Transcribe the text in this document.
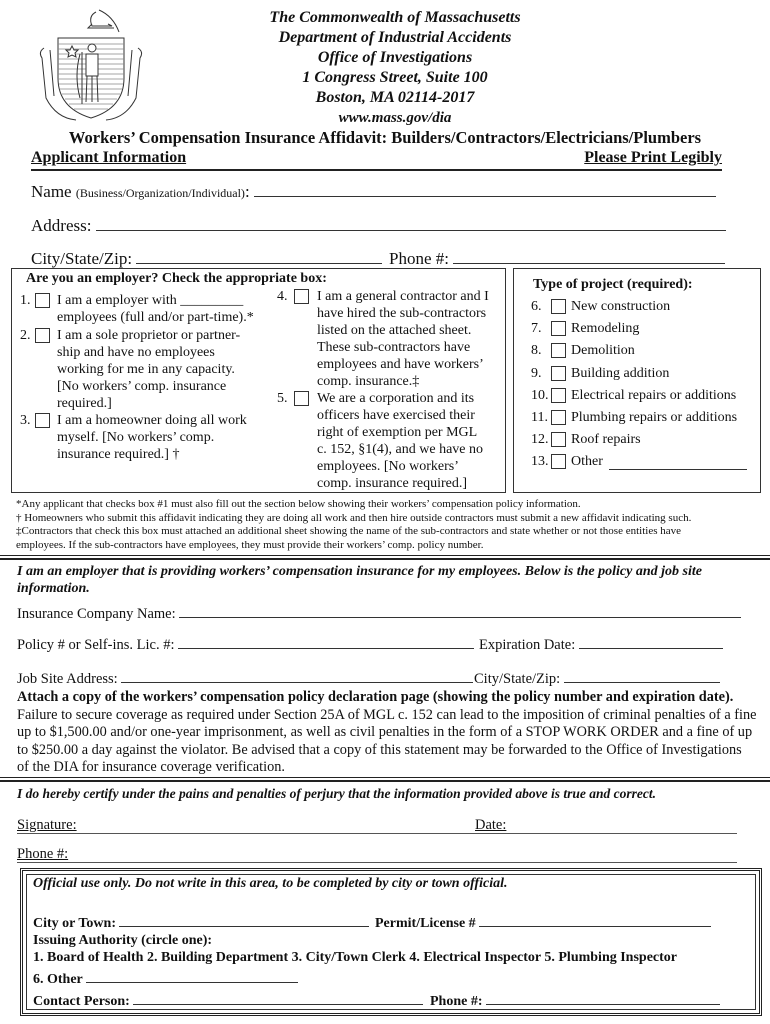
The Commonwealth of Massachusetts
Department of Industrial Accidents
Office of Investigations
1 Congress Street, Suite 100
Boston, MA 02114-2017
www.mass.gov/dia
Workers’ Compensation Insurance Affidavit: Builders/Contractors/Electricians/Plumbers
Applicant Information	Please Print Legibly
Name (Business/Organization/Individual):
Address:
City/State/Zip:	Phone #:
Are you an employer? Check the appropriate box:
1. I am a employer with _________
employees (full and/or part-time).*
2. I am a sole proprietor or partner-
ship and have no employees
working for me in any capacity.
[No workers’ comp. insurance
required.]
3. I am a homeowner doing all work
myself. [No workers’ comp.
insurance required.] †
4. I am a general contractor and I
have hired the sub-contractors
listed on the attached sheet.
These sub-contractors have
employees and have workers’
comp. insurance.‡
5. We are a corporation and its
officers have exercised their
right of exemption per MGL
c. 152, §1(4), and we have no
employees. [No workers’
comp. insurance required.]
Type of project (required):
6. New construction
7. Remodeling
8. Demolition
9. Building addition
10. Electrical repairs or additions
11. Plumbing repairs or additions
12. Roof repairs
13. Other
*Any applicant that checks box #1 must also fill out the section below showing their workers’ compensation policy information.
† Homeowners who submit this affidavit indicating they are doing all work and then hire outside contractors must submit a new affidavit indicating such.
‡Contractors that check this box must attached an additional sheet showing the name of the sub-contractors and state whether or not those entities have
employees. If the sub-contractors have employees, they must provide their workers’ comp. policy number.
I am an employer that is providing workers’ compensation insurance for my employees. Below is the policy and job site information.
Insurance Company Name:
Policy # or Self-ins. Lic. #:	Expiration Date:
Job Site Address:	City/State/Zip:
Attach a copy of the workers’ compensation policy declaration page (showing the policy number and expiration date). Failure to secure coverage as required under Section 25A of MGL c. 152 can lead to the imposition of criminal penalties of a fine up to $1,500.00 and/or one-year imprisonment, as well as civil penalties in the form of a STOP WORK ORDER and a fine of up to $250.00 a day against the violator. Be advised that a copy of this statement may be forwarded to the Office of Investigations of the DIA for insurance coverage verification.
I do hereby certify under the pains and penalties of perjury that the information provided above is true and correct.
Signature:	Date:
Phone #:
Official use only. Do not write in this area, to be completed by city or town official.
City or Town:	Permit/License #
Issuing Authority (circle one):
1. Board of Health 2. Building Department 3. City/Town Clerk 4. Electrical Inspector 5. Plumbing Inspector
6. Other
Contact Person:	Phone #:
